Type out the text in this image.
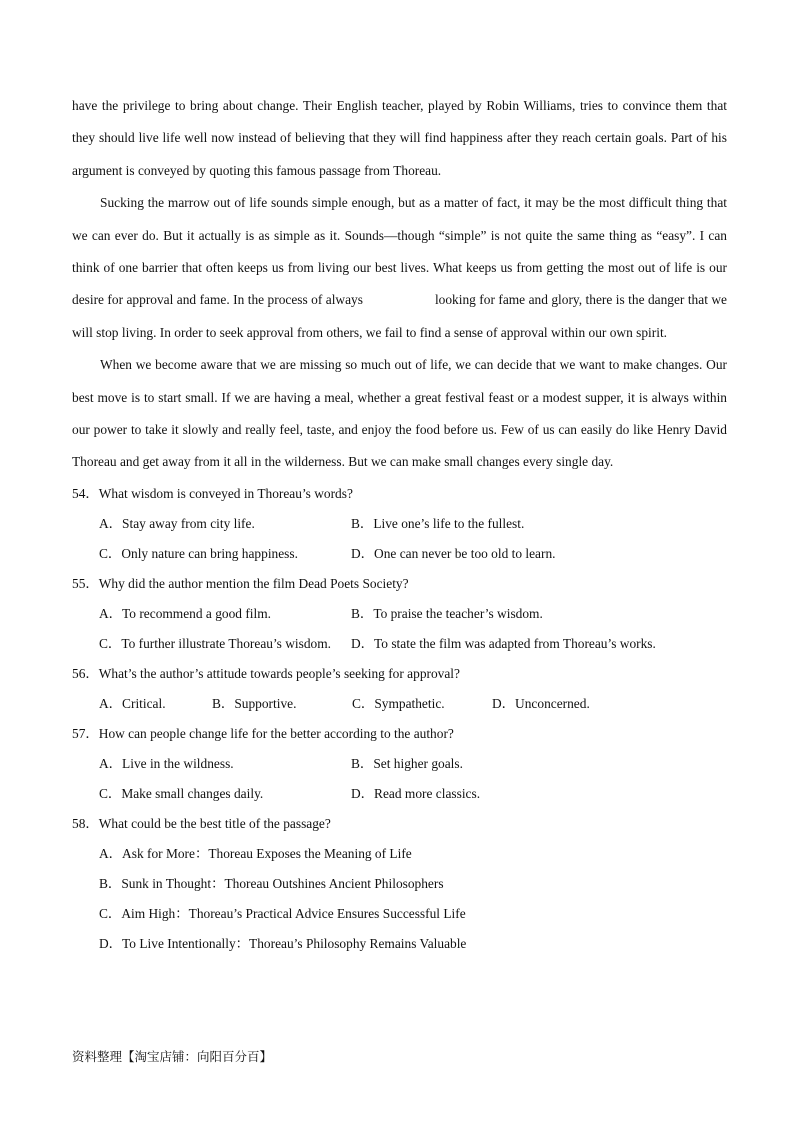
have the privilege to bring about change. Their English teacher, played by Robin Williams, tries to convince them that they should live life well now instead of believing that they will find happiness after they reach certain goals. Part of his argument is conveyed by quoting this famous passage from Thoreau.

Sucking the marrow out of life sounds simple enough, but as a matter of fact, it may be the most difficult thing that we can ever do. But it actually is as simple as it. Sounds—though “simple” is not quite the same thing as “easy”. I can think of one barrier that often keeps us from living our best lives. What keeps us from getting the most out of life is our desire for approval and fame. In the process of always	looking for fame and glory, there is the danger that we will stop living. In order to seek approval from others, we fail to find a sense of approval within our own spirit.

When we become aware that we are missing so much out of life, we can decide that we want to make changes. Our best move is to start small. If we are having a meal, whether a great festival feast or a modest supper, it is always within our power to take it slowly and really feel, taste, and enjoy the food before us. Few of us can easily do like Henry David Thoreau and get away from it all in the wilderness. But we can make small changes every single day.

54．What wisdom is conveyed in Thoreau’s words?

A．Stay away from city life.	B．Live one’s life to the fullest.
C．Only nature can bring happiness.	D．One can never be too old to learn.

55．Why did the author mention the film Dead Poets Society?

A．To recommend a good film.	B．To praise the teacher’s wisdom.
C．To further illustrate Thoreau’s wisdom. D．To state the film was adapted from Thoreau’s works.

56．What’s the author’s attitude towards people’s seeking for approval?

A．Critical.	B．Supportive.	C．Sympathetic.	D．Unconcerned.

57．How can people change life for the better according to the author?

A．Live in the wildness.	B．Set higher goals.
C．Make small changes daily.	D．Read more classics.

58．What could be the best title of the passage?

A．Ask for More：Thoreau Exposes the Meaning of Life
B．Sunk in Thought：Thoreau Outshines Ancient Philosophers
C．Aim High：Thoreau’s Practical Advice Ensures Successful Life
D．To Live Intentionally：Thoreau’s Philosophy Remains Valuable
资料整理【淘宝店铺：向阳百分百】
